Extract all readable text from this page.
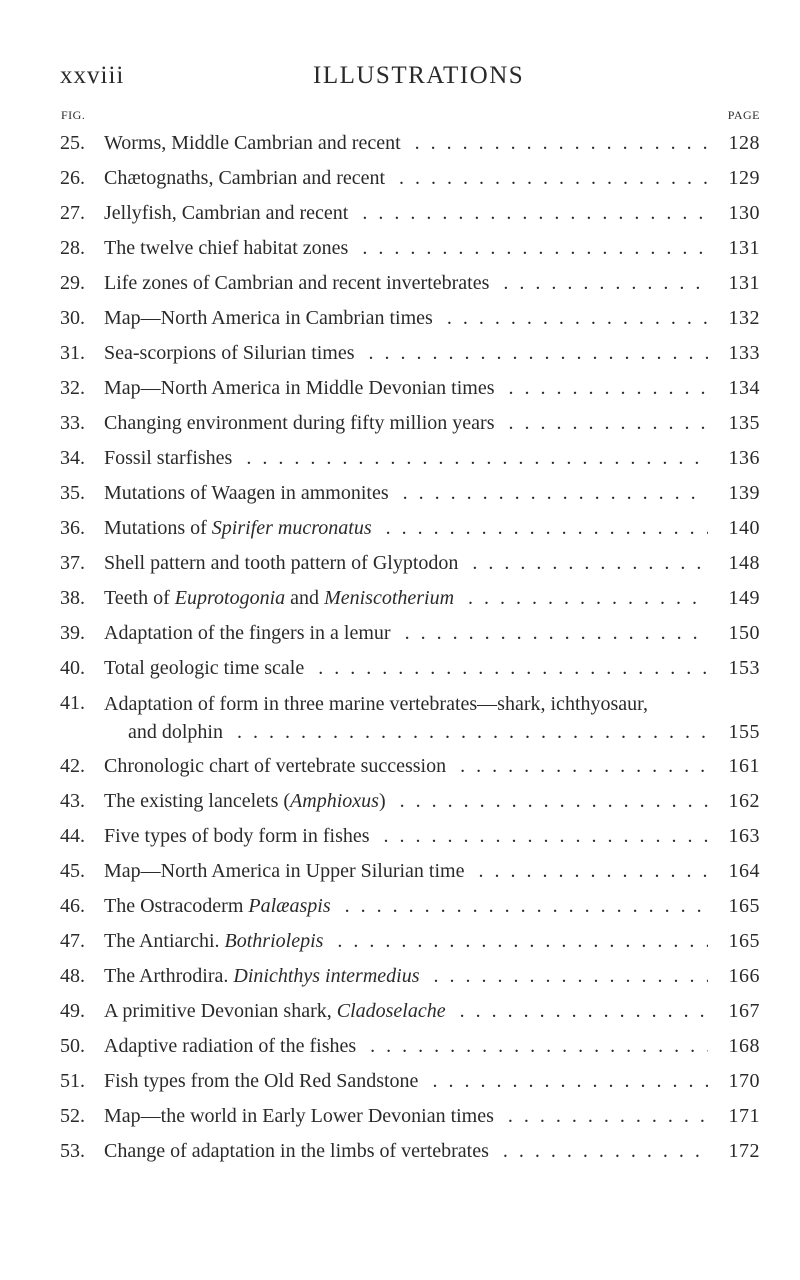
xxviii	ILLUSTRATIONS
FIG.	PAGE
25. Worms, Middle Cambrian and recent . . .	128
26. Chætognaths, Cambrian and recent . . .	129
27. Jellyfish, Cambrian and recent . . .	130
28. The twelve chief habitat zones . . .	131
29. Life zones of Cambrian and recent invertebrates . . .	131
30. Map—North America in Cambrian times . . .	132
31. Sea-scorpions of Silurian times . . .	133
32. Map—North America in Middle Devonian times . . .	134
33. Changing environment during fifty million years . . .	135
34. Fossil starfishes . . .	136
35. Mutations of Waagen in ammonites . . .	139
36. Mutations of Spirifer mucronatus . . .	140
37. Shell pattern and tooth pattern of Glyptodon . . .	148
38. Teeth of Euprotogonia and Meniscotherium . . .	149
39. Adaptation of the fingers in a lemur . . .	150
40. Total geologic time scale . . .	153
41. Adaptation of form in three marine vertebrates—shark, ichthyosaur,
and dolphin . . .	155
42. Chronologic chart of vertebrate succession . . .	161
43. The existing lancelets (Amphioxus) . . .	162
44. Five types of body form in fishes . . .	163
45. Map—North America in Upper Silurian time . . .	164
46. The Ostracoderm Palæaspis . . .	165
47. The Antiarchi. Bothriolepis . . .	165
48. The Arthrodira. Dinichthys intermedius . . .	166
49. A primitive Devonian shark, Cladoselache . . .	167
50. Adaptive radiation of the fishes . . .	168
51. Fish types from the Old Red Sandstone . . .	170
52. Map—the world in Early Lower Devonian times . . .	171
53. Change of adaptation in the limbs of vertebrates . . .	172
